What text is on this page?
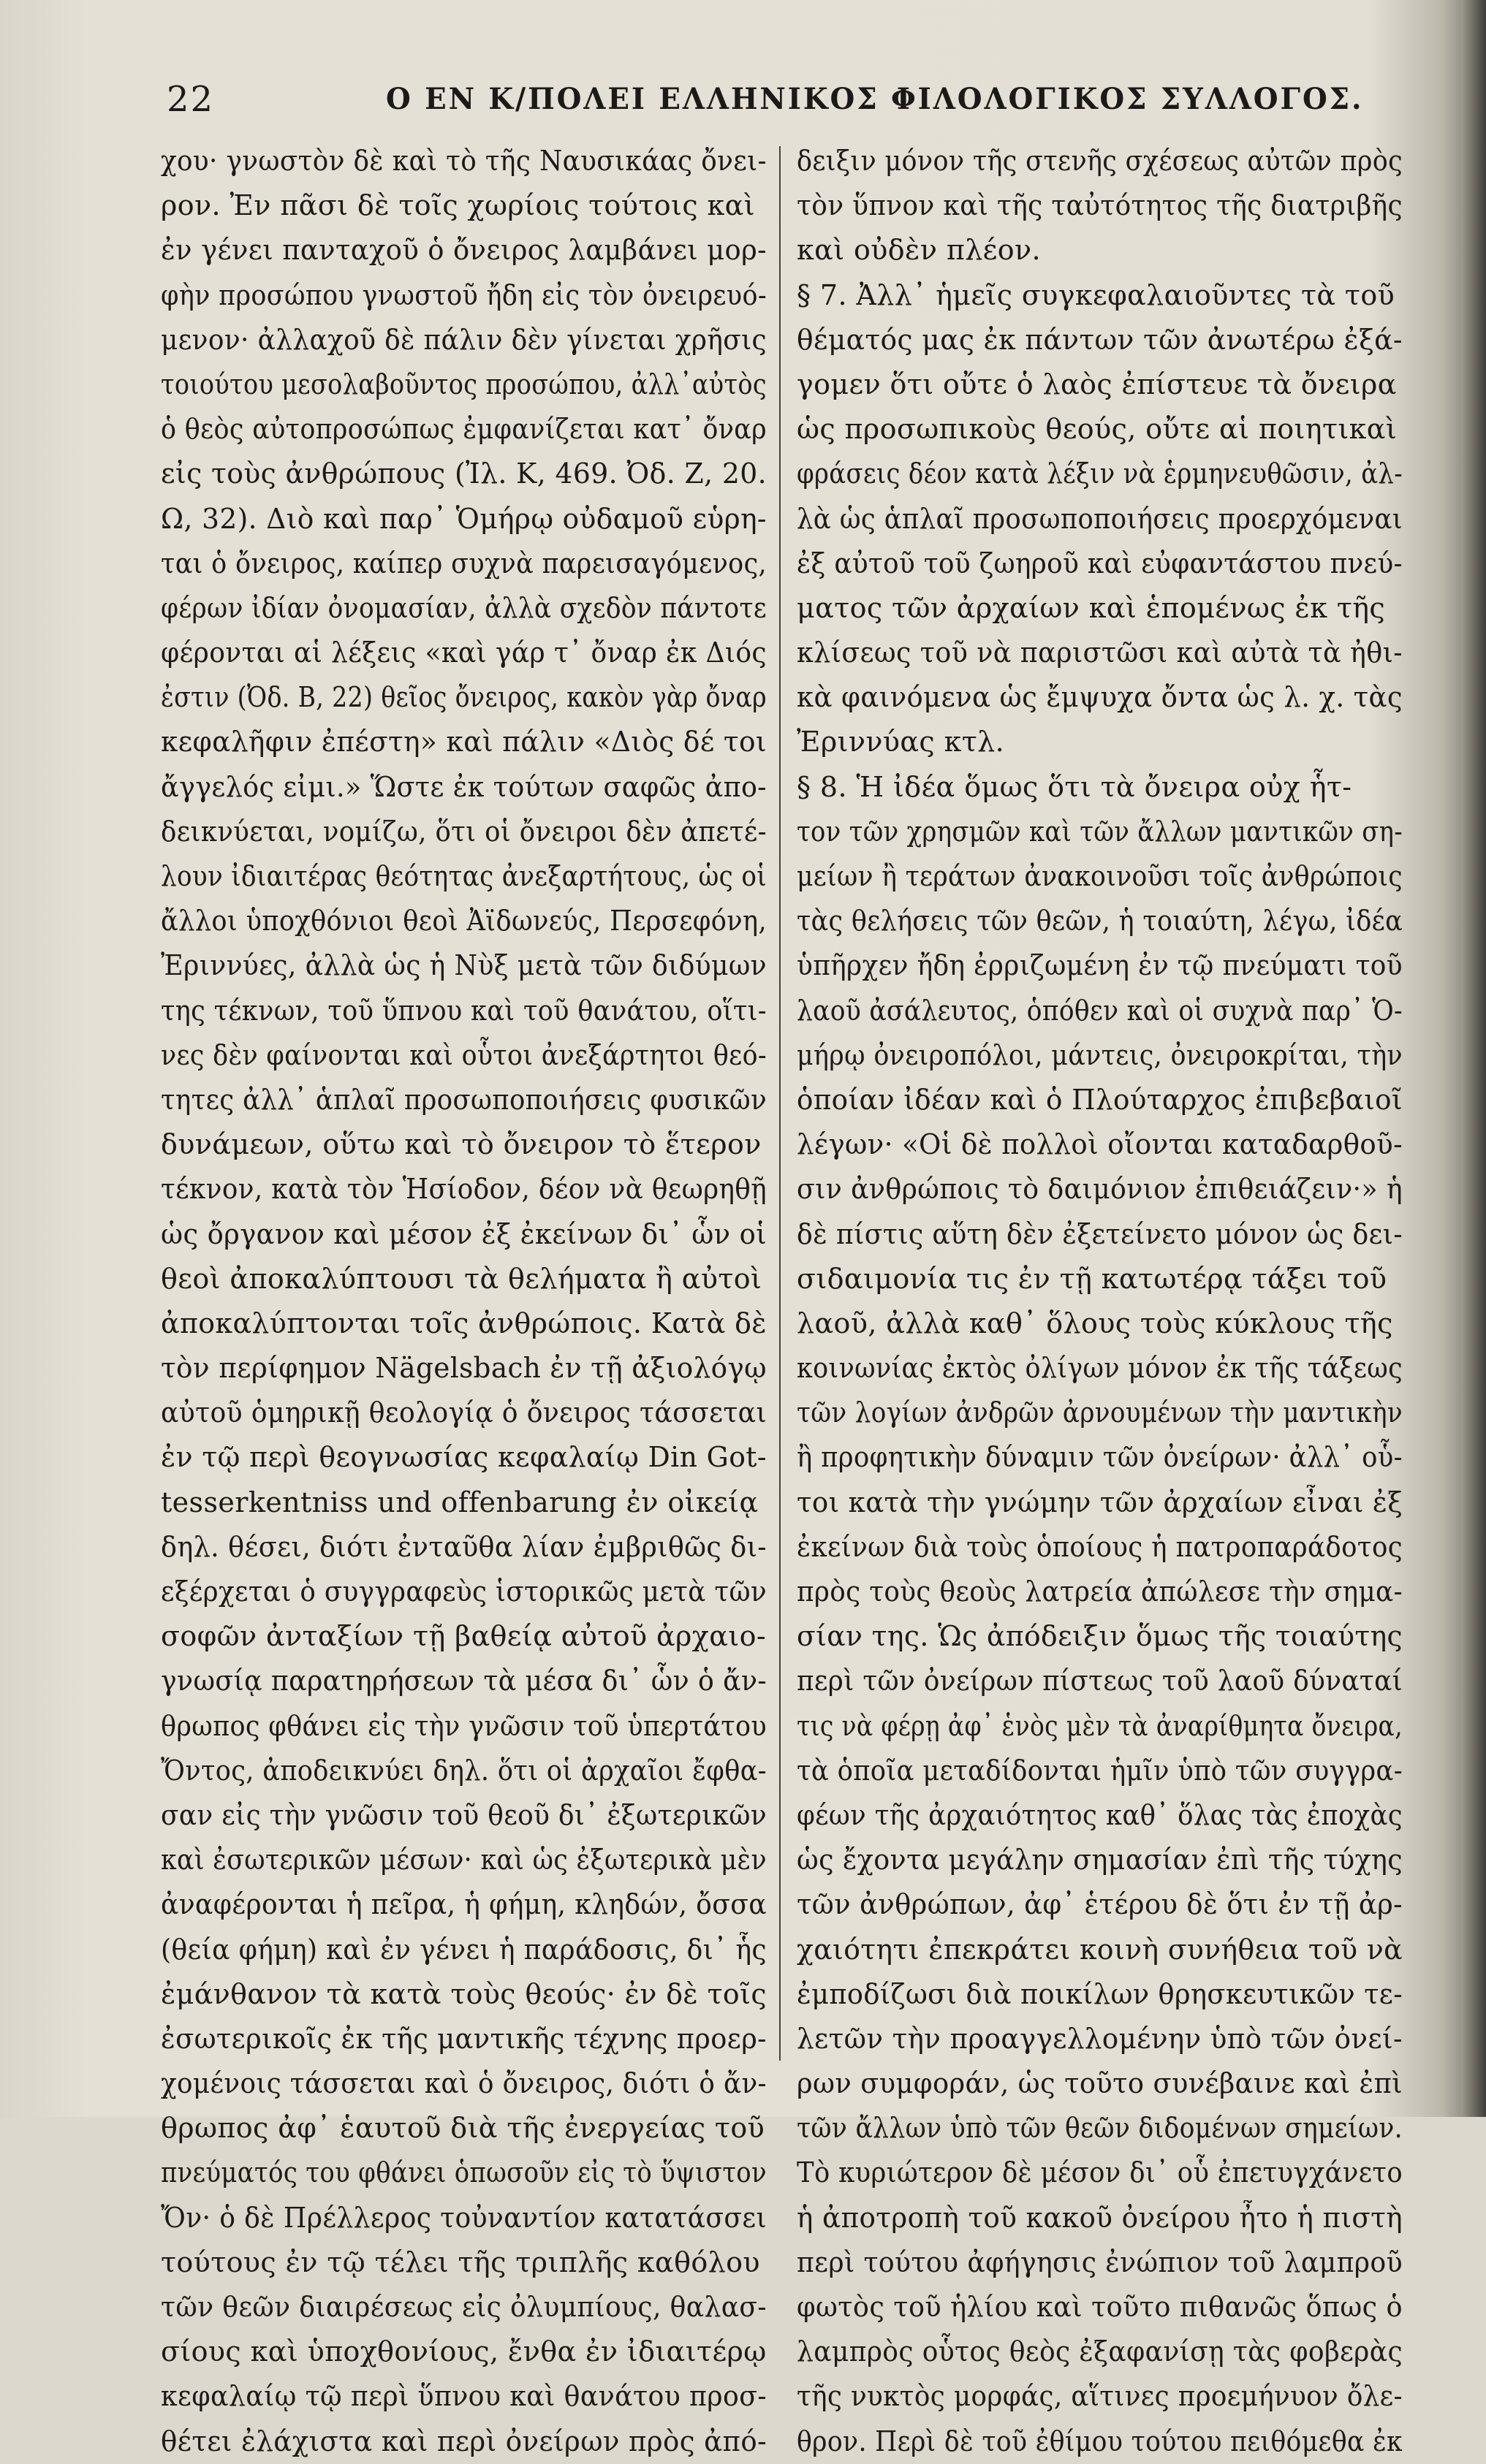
22	Ο ΕΝ Κ/ΠΟΛΕΙ ΕΛΛΗΝΙΚΟΣ ΦΙΛΟΛΟΓΙΚΟΣ ΣΥΛΛΟΓΟΣ.
χου· γνωστὸν δὲ καὶ τὸ τῆς Ναυσικάας ὄνει-
ρον. Ἐν πᾶσι δὲ τοῖς χωρίοις τούτοις καὶ
ἐν γένει πανταχοῦ ὁ ὄνειρος λαμβάνει μορ-
φὴν προσώπου γνωστοῦ ἤδη εἰς τὸν ὀνειρευό-
μενον· ἀλλαχοῦ δὲ πάλιν δὲν γίνεται χρῆσις
τοιούτου μεσολαβοῦντος προσώπου, ἀλλ᾽αὐτὸς
ὁ θεὸς αὐτοπροσώπως ἐμφανίζεται κατ᾽ ὄναρ
εἰς τοὺς ἀνθρώπους (Ἰλ. Κ, 469. Ὀδ. Ζ, 20.
Ω, 32). Διὸ καὶ παρ᾽ Ὁμήρῳ οὐδαμοῦ εὑρη-
ται ὁ ὄνειρος, καίπερ συχνὰ παρεισαγόμενος,
φέρων ἰδίαν ὀνομασίαν, ἀλλὰ σχεδὸν πάντοτε
φέρονται αἱ λέξεις «καὶ γάρ τ᾽ ὄναρ ἐκ Διός
ἐστιν (Ὀδ. Β, 22) θεῖος ὄνειρος, κακὸν γὰρ ὄναρ
κεφαλῆφιν ἐπέστη» καὶ πάλιν «Διὸς δέ τοι
ἄγγελός εἰμι.» Ὥστε ἐκ τούτων σαφῶς ἀπο-
δεικνύεται, νομίζω, ὅτι οἱ ὄνειροι δὲν ἀπετέ-
λουν ἰδιαιτέρας θεότητας ἀνεξαρτήτους, ὡς οἱ
ἄλλοι ὑποχθόνιοι θεοὶ Ἀϊδωνεύς, Περσεφόνη,
Ἐριννύες, ἀλλὰ ὡς ἡ Νὺξ μετὰ τῶν διδύμων
της τέκνων, τοῦ ὕπνου καὶ τοῦ θανάτου, οἵτι-
νες δὲν φαίνονται καὶ οὗτοι ἀνεξάρτητοι θεό-
τητες ἀλλ᾽ ἁπλαῖ προσωποποιήσεις φυσικῶν
δυνάμεων, οὕτω καὶ τὸ ὄνειρον τὸ ἕτερον
τέκνον, κατὰ τὸν Ἡσίοδον, δέον νὰ θεωρηθῇ
ὡς ὄργανον καὶ μέσον ἐξ ἐκείνων δι᾽ ὧν οἱ
θεοὶ ἀποκαλύπτουσι τὰ θελήματα ἢ αὐτοὶ
ἀποκαλύπτονται τοῖς ἀνθρώποις. Κατὰ δὲ
τὸν περίφημον Nägelsbach ἐν τῇ ἀξιολόγῳ
αὐτοῦ ὁμηρικῇ θεολογίᾳ ὁ ὄνειρος τάσσεται
ἐν τῷ περὶ θεογνωσίας κεφαλαίῳ Din Got-
tesserkentniss und offenbarung ἐν οἰκείᾳ
δηλ. θέσει, διότι ἐνταῦθα λίαν ἐμβριθῶς δι-
εξέρχεται ὁ συγγραφεὺς ἱστορικῶς μετὰ τῶν
σοφῶν ἀνταξίων τῇ βαθείᾳ αὐτοῦ ἀρχαιο-
γνωσίᾳ παρατηρήσεων τὰ μέσα δι᾽ ὧν ὁ ἄν-
θρωπος φθάνει εἰς τὴν γνῶσιν τοῦ ὑπερτάτου
Ὄντος, ἀποδεικνύει δηλ. ὅτι οἱ ἀρχαῖοι ἔφθα-
σαν εἰς τὴν γνῶσιν τοῦ θεοῦ δι᾽ ἐξωτερικῶν
καὶ ἐσωτερικῶν μέσων· καὶ ὡς ἐξωτερικὰ μὲν
ἀναφέρονται ἡ πεῖρα, ἡ φήμη, κληδών, ὄσσα
(θεία φήμη) καὶ ἐν γένει ἡ παράδοσις, δι᾽ ἧς
ἐμάνθανον τὰ κατὰ τοὺς θεούς· ἐν δὲ τοῖς
ἐσωτερικοῖς ἐκ τῆς μαντικῆς τέχνης προερ-
χομένοις τάσσεται καὶ ὁ ὄνειρος, διότι ὁ ἄν-
θρωπος ἀφ᾽ ἑαυτοῦ διὰ τῆς ἐνεργείας τοῦ
πνεύματός του φθάνει ὁπωσοῦν εἰς τὸ ὕψιστον
Ὄν· ὁ δὲ Πρέλλερος τοὐναντίον κατατάσσει
τούτους ἐν τῷ τέλει τῆς τριπλῆς καθόλου
τῶν θεῶν διαιρέσεως εἰς ὀλυμπίους, θαλασ-
σίους καὶ ὑποχθονίους, ἔνθα ἐν ἰδιαιτέρῳ
κεφαλαίῳ τῷ περὶ ὕπνου καὶ θανάτου προσ-
θέτει ἐλάχιστα καὶ περὶ ὀνείρων πρὸς ἀπό-
δειξιν μόνον τῆς στενῆς σχέσεως αὐτῶν πρὸς
τὸν ὕπνον καὶ τῆς ταὐτότητος τῆς διατριβῆς
καὶ οὐδὲν πλέον.
§ 7. Ἀλλ᾽ ἡμεῖς συγκεφαλαιοῦντες τὰ τοῦ
θέματός μας ἐκ πάντων τῶν ἀνωτέρω ἐξά-
γομεν ὅτι οὔτε ὁ λαὸς ἐπίστευε τὰ ὄνειρα
ὡς προσωπικοὺς θεούς, οὔτε αἱ ποιητικαὶ
φράσεις δέον κατὰ λέξιν νὰ ἑρμηνευθῶσιν, ἀλ-
λὰ ὡς ἁπλαῖ προσωποποιήσεις προερχόμεναι
ἐξ αὐτοῦ τοῦ ζωηροῦ καὶ εὐφαντάστου πνεύ-
ματος τῶν ἀρχαίων καὶ ἑπομένως ἐκ τῆς
κλίσεως τοῦ νὰ παριστῶσι καὶ αὐτὰ τὰ ἠθι-
κὰ φαινόμενα ὡς ἔμψυχα ὄντα ὡς λ. χ. τὰς
Ἐριννύας κτλ.
§ 8. Ἡ ἰδέα ὅμως ὅτι τὰ ὄνειρα οὐχ ἧτ-
τον τῶν χρησμῶν καὶ τῶν ἄλλων μαντικῶν ση-
μείων ἢ τεράτων ἀνακοινοῦσι τοῖς ἀνθρώποις
τὰς θελήσεις τῶν θεῶν, ἡ τοιαύτη, λέγω, ἰδέα
ὑπῆρχεν ἤδη ἐρριζωμένη ἐν τῷ πνεύματι τοῦ
λαοῦ ἀσάλευτος, ὁπόθεν καὶ οἱ συχνὰ παρ᾽ Ὁ-
μήρῳ ὀνειροπόλοι, μάντεις, ὀνειροκρίται, τὴν
ὁποίαν ἰδέαν καὶ ὁ Πλούταρχος ἐπιβεβαιοῖ
λέγων· «Οἱ δὲ πολλοὶ οἴονται καταδαρθοῦ-
σιν ἀνθρώποις τὸ δαιμόνιον ἐπιθειάζειν·» ἡ
δὲ πίστις αὕτη δὲν ἐξετείνετο μόνον ὡς δει-
σιδαιμονία τις ἐν τῇ κατωτέρᾳ τάξει τοῦ
λαοῦ, ἀλλὰ καθ᾽ ὅλους τοὺς κύκλους τῆς
κοινωνίας ἐκτὸς ὀλίγων μόνον ἐκ τῆς τάξεως
τῶν λογίων ἀνδρῶν ἀρνουμένων τὴν μαντικὴν
ἢ προφητικὴν δύναμιν τῶν ὀνείρων· ἀλλ᾽ οὗ-
τοι κατὰ τὴν γνώμην τῶν ἀρχαίων εἶναι ἐξ
ἐκείνων διὰ τοὺς ὁποίους ἡ πατροπαράδοτος
πρὸς τοὺς θεοὺς λατρεία ἀπώλεσε τὴν σημα-
σίαν της. Ὡς ἀπόδειξιν ὅμως τῆς τοιαύτης
περὶ τῶν ὀνείρων πίστεως τοῦ λαοῦ δύναταί
τις νὰ φέρῃ ἀφ᾽ ἑνὸς μὲν τὰ ἀναρίθμητα ὄνειρα,
τὰ ὁποῖα μεταδίδονται ἡμῖν ὑπὸ τῶν συγγρα-
φέων τῆς ἀρχαιότητος καθ᾽ ὅλας τὰς ἐποχὰς
ὡς ἔχοντα μεγάλην σημασίαν ἐπὶ τῆς τύχης
τῶν ἀνθρώπων, ἀφ᾽ ἑτέρου δὲ ὅτι ἐν τῇ ἀρ-
χαιότητι ἐπεκράτει κοινὴ συνήθεια τοῦ νὰ
ἐμποδίζωσι διὰ ποικίλων θρησκευτικῶν τε-
λετῶν τὴν προαγγελλομένην ὑπὸ τῶν ὀνεί-
ρων συμφοράν, ὡς τοῦτο συνέβαινε καὶ ἐπὶ
τῶν ἄλλων ὑπὸ τῶν θεῶν διδομένων σημείων.
Τὸ κυριώτερον δὲ μέσον δι᾽ οὗ ἐπετυγχάνετο
ἡ ἀποτροπὴ τοῦ κακοῦ ὀνείρου ἦτο ἡ πιστὴ
περὶ τούτου ἀφήγησις ἐνώπιον τοῦ λαμπροῦ
φωτὸς τοῦ ἡλίου καὶ τοῦτο πιθανῶς ὅπως ὁ
λαμπρὸς οὗτος θεὸς ἐξαφανίσῃ τὰς φοβερὰς
τῆς νυκτὸς μορφάς, αἵτινες προεμήνυον ὄλε-
θρον. Περὶ δὲ τοῦ ἐθίμου τούτου πειθόμεθα ἐκ
